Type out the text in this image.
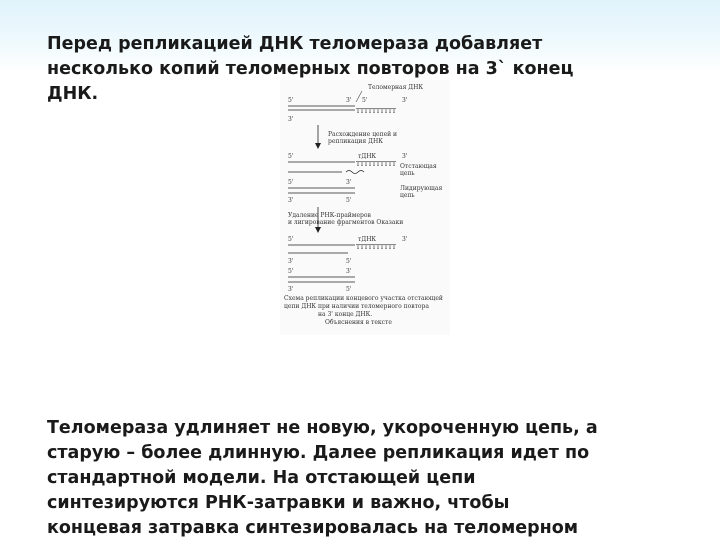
Перед репликацией ДНК теломераза добавляет
несколько копий теломерных повторов на 3` конец
ДНК.	Теломерная ДНК
5'	3' 5'	3'
ТТТТТТТТТТ
3'
Расхождение цепей и
репликация ДНК
5'	тДНК	3'
ТТТТТТТТТТ Отстающая
цепь
5'	3'
Лидирующая
цепь
3'	5'
Удаление РНК-праймеров
и лигирование фрагментов Оказаки
5'	тДНК	3'
ТТТТТТТТТТ
3'	5'
5'	3'
3'	5'
Схема репликации концевого участка отстающей
цепи ДНК при наличии теломерного повтора
на 3' конце ДНК.
Объяснения в тексте

Теломераза удлиняет не новую, укороченную цепь, а
старую – более длинную. Далее репликация идет по
стандартной модели. На отстающей цепи
синтезируются РНК-затравки и важно, чтобы
концевая затравка синтезировалась на теломерном
